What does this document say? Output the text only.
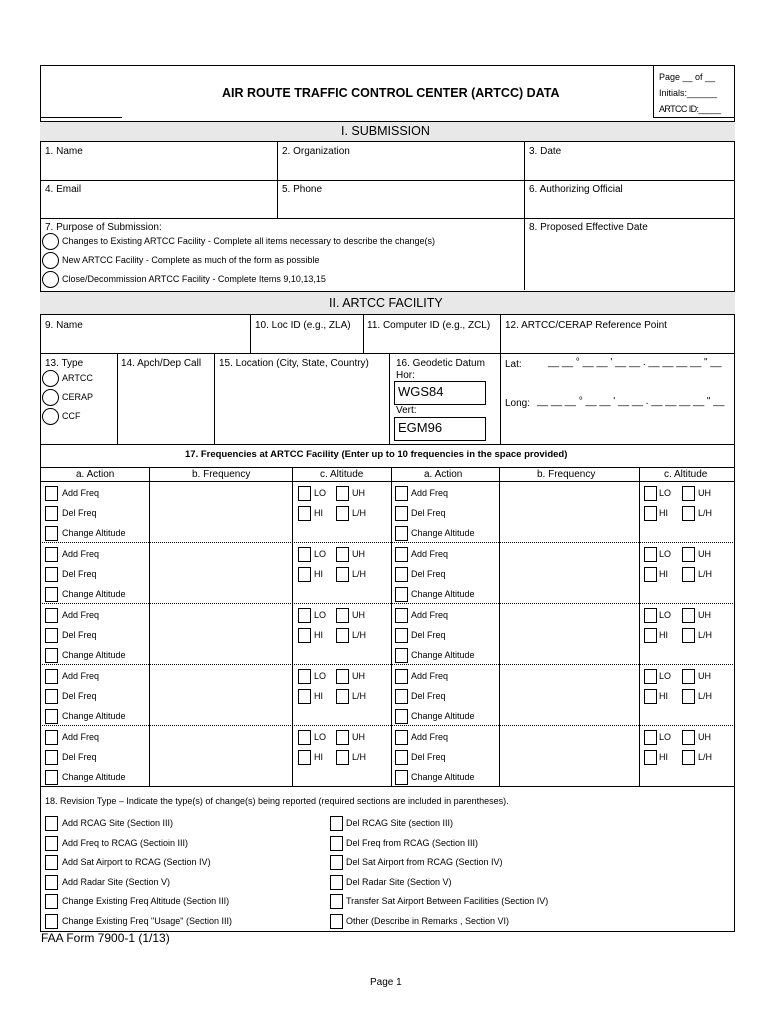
AIR ROUTE TRAFFIC CONTROL CENTER (ARTCC) DATA
Page __ of __
Initials:______
ARTCC ID:_____
I. SUBMISSION
1. Name	2. Organization	3. Date
4. Email	5. Phone	6. Authorizing Official
7. Purpose of Submission:	8. Proposed Effective Date
Changes to Existing ARTCC Facility - Complete all items necessary to describe the change(s)
New ARTCC Facility - Complete as much of the form as possible
Close/Decommission ARTCC Facility - Complete Items 9,10,13,15
II. ARTCC FACILITY
9. Name	10. Loc ID (e.g., ZLA) 11. Computer ID (e.g., ZCL) 12. ARTCC/CERAP Reference Point
13. Type
ARTCC
CERAP
CCF
14. Apch/Dep Call 15. Location (City, State, Country)	16. Geodetic Datum
Hor:
WGS84
Vert:
EGM96
Lat:	__ __ ° __ __ ' __ __ . __ __ __ __ " __
Long: __ __ __ ° __ __ ' __ __ . __ __ __ __ " __
17. Frequencies at ARTCC Facility (Enter up to 10 frequencies in the space provided)
a. Action	b. Frequency	c. Altitude	a. Action	b. Frequency	c. Altitude
Add Freq
Del Freq
Change Altitude
LO	UH
HI	L/H
Add Freq
Del Freq
Change Altitude
LO	UH
HI	L/H
Add Freq
Del Freq
Change Altitude
LO	UH
HI	L/H
Add Freq
Del Freq
Change Altitude
LO	UH
HI	L/H
Add Freq
Del Freq
Change Altitude
LO	UH
HI	L/H
Add Freq
Del Freq
Change Altitude
LO	UH
HI	L/H
Add Freq
Del Freq
Change Altitude
LO	UH
HI	L/H
Add Freq
Del Freq
Change Altitude
LO	UH
HI	L/H
Add Freq
Del Freq
Change Altitude
LO	UH
HI	L/H
Add Freq
Del Freq
Change Altitude
LO	UH
HI	L/H
18. Revision Type – Indicate the type(s) of change(s) being reported (required sections are included in parentheses).
Add RCAG Site (Section III)	Del RCAG Site (section III)
Add Freq to RCAG (Sectioin III)	Del Freq from RCAG (Section III)
Add Sat Airport to RCAG (Section IV)	Del Sat Airport from RCAG (Section IV)
Add Radar Site (Section V)	Del Radar Site (Section V)
Change Existing Freq Altitude (Section III)	Transfer Sat Airport Between Facilities (Section IV)
Change Existing Freq "Usage" (Section III)	Other (Describe in Remarks , Section VI)
FAA Form 7900-1 (1/13)
Page 1
